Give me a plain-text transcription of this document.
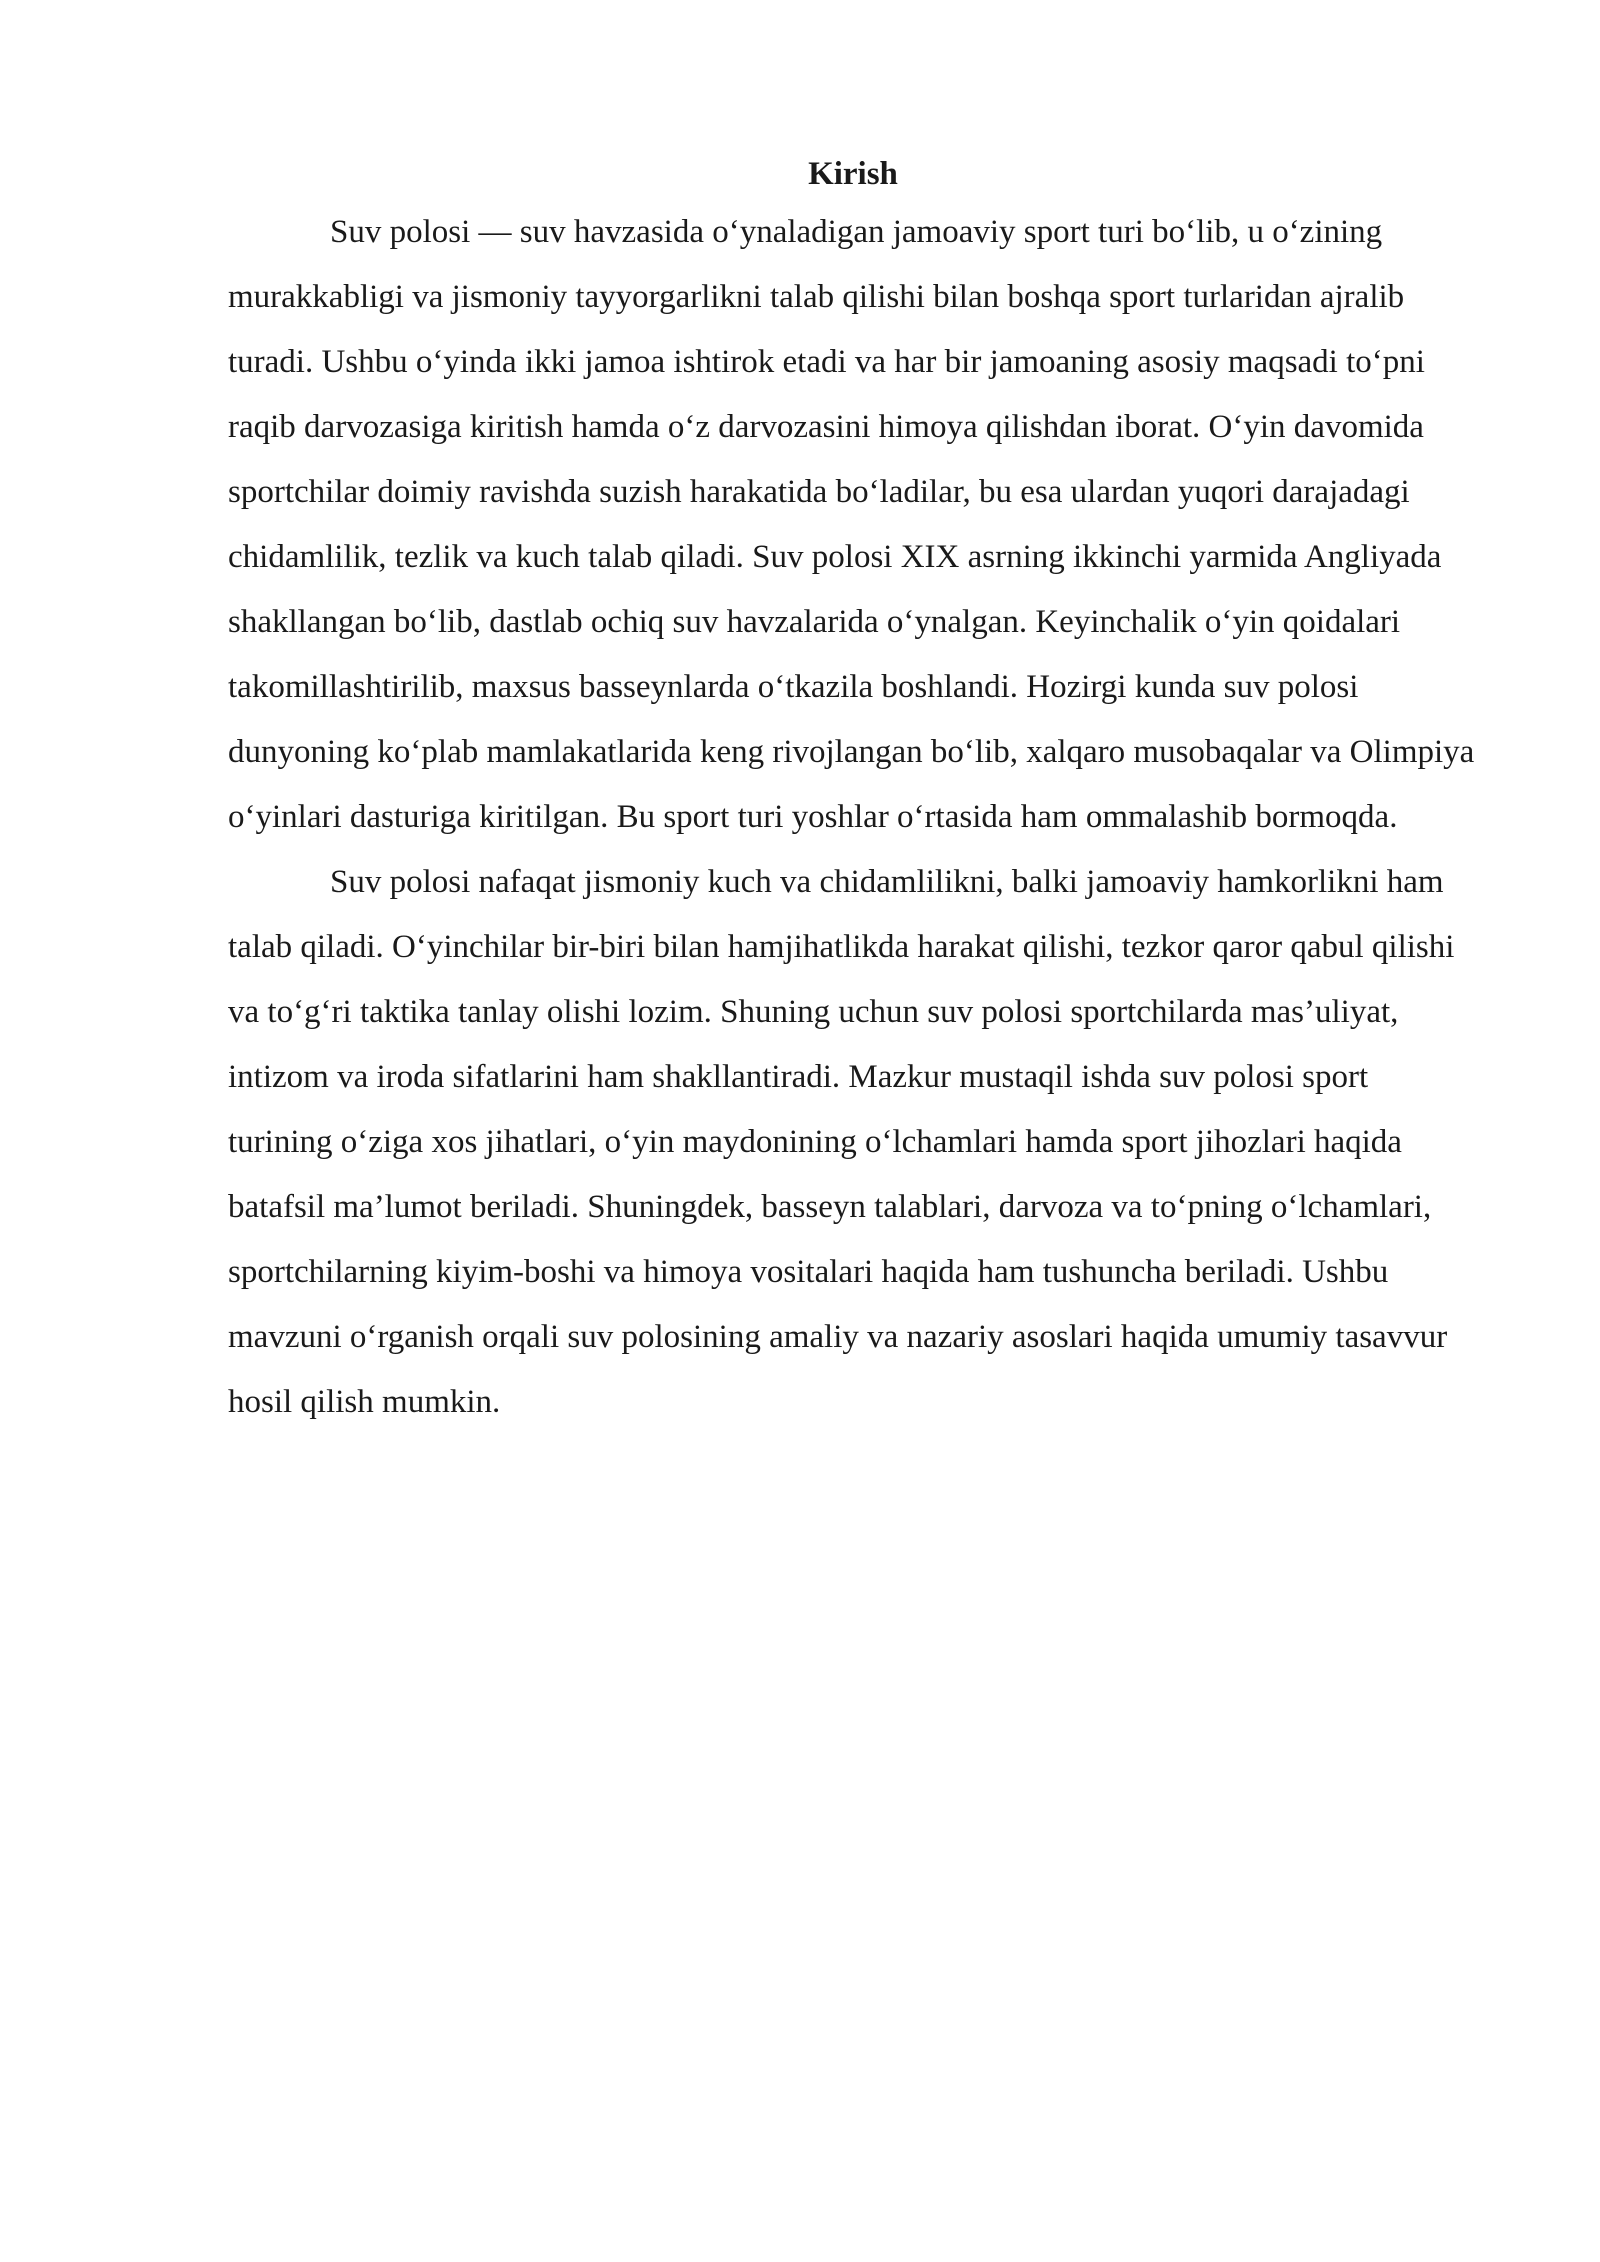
Kirish

Suv polosi — suv havzasida o‘ynaladigan jamoaviy sport turi bo‘lib, u o‘zining murakkabligi va jismoniy tayyorgarlikni talab qilishi bilan boshqa sport turlaridan ajralib turadi. Ushbu o‘yinda ikki jamoa ishtirok etadi va har bir jamoaning asosiy maqsadi to‘pni raqib darvozasiga kiritish hamda o‘z darvozasini himoya qilishdan iborat. O‘yin davomida sportchilar doimiy ravishda suzish harakatida bo‘ladilar, bu esa ulardan yuqori darajadagi chidamlilik, tezlik va kuch talab qiladi. Suv polosi XIX asrning ikkinchi yarmida Angliyada shakllangan bo‘lib, dastlab ochiq suv havzalarida o‘ynalgan. Keyinchalik o‘yin qoidalari takomillashtirilib, maxsus basseynlarda o‘tkazila boshlandi. Hozirgi kunda suv polosi dunyoning ko‘plab mamlakatlarida keng rivojlangan bo‘lib, xalqaro musobaqalar va Olimpiya o‘yinlari dasturiga kiritilgan. Bu sport turi yoshlar o‘rtasida ham ommalashib bormoqda.

Suv polosi nafaqat jismoniy kuch va chidamlilikni, balki jamoaviy hamkorlikni ham talab qiladi. O‘yinchilar bir-biri bilan hamjihatlikda harakat qilishi, tezkor qaror qabul qilishi va to‘g‘ri taktika tanlay olishi lozim. Shuning uchun suv polosi sportchilarda mas’uliyat, intizom va iroda sifatlarini ham shakllantiradi. Mazkur mustaqil ishda suv polosi sport turining o‘ziga xos jihatlari, o‘yin maydonining o‘lchamlari hamda sport jihozlari haqida batafsil ma’lumot beriladi. Shuningdek, basseyn talablari, darvoza va to‘pning o‘lchamlari, sportchilarning kiyim-boshi va himoya vositalari haqida ham tushuncha beriladi. Ushbu mavzuni o‘rganish orqali suv polosining amaliy va nazariy asoslari haqida umumiy tasavvur hosil qilish mumkin.
